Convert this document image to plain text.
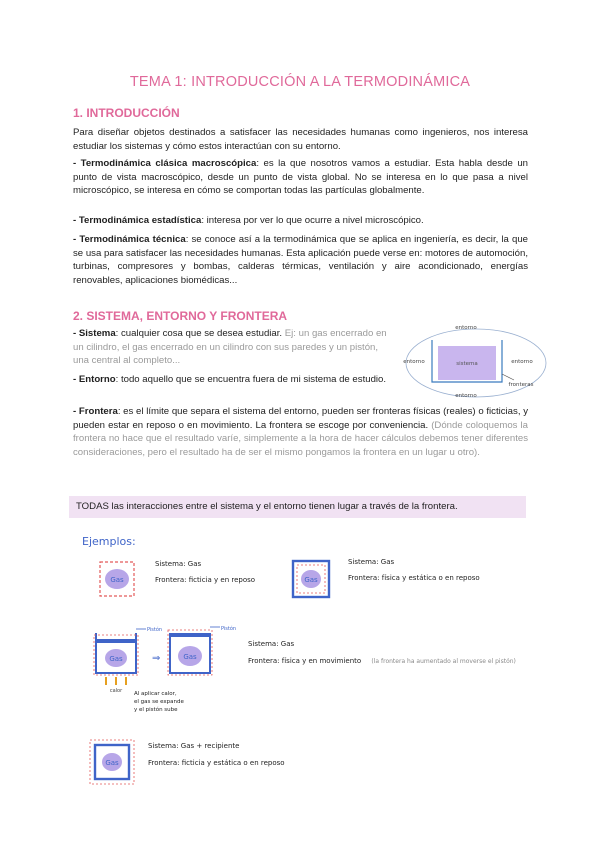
TEMA 1: INTRODUCCIÓN A LA TERMODINÁMICA
1. INTRODUCCIÓN
Para diseñar objetos destinados a satisfacer las necesidades humanas como ingenieros, nos interesa estudiar los sistemas y cómo estos interactúan con su entorno.
- Termodinámica clásica macroscópica: es la que nosotros vamos a estudiar. Esta habla desde un punto de vista macroscópico, desde un punto de vista global. No se interesa en lo que pasa a nivel microscópico, se interesa en cómo se comportan todas las partículas globalmente.
- Termodinámica estadística: interesa por ver lo que ocurre a nivel microscópico.
- Termodinámica técnica: se conoce así a la termodinámica que se aplica en ingeniería, es decir, la que se usa para satisfacer las necesidades humanas. Esta aplicación puede verse en: motores de automoción, turbinas, compresores y bombas, calderas térmicas, ventilación y aire acondicionado, energías renovables, aplicaciones biomédicas...
2. SISTEMA, ENTORNO Y FRONTERA
- Sistema: cualquier cosa que se desea estudiar. Ej: un gas encerrado en un cilindro, el gas encerrado en un cilindro con sus paredes y un pistón, una central al completo...
- Entorno: todo aquello que se encuentra fuera de mi sistema de estudio.
- Frontera: es el límite que separa el sistema del entorno, pueden ser fronteras físicas (reales) o ficticias, y pueden estar en reposo o en movimiento. La frontera se escoge por conveniencia. (Dónde coloquemos la frontera no hace que el resultado varíe, simplemente a la hora de hacer cálculos debemos tener diferentes consideraciones, pero el resultado ha de ser el mismo pongamos la frontera en un lugar u otro).
entorno
entorno	entorno
entorno
sistema
fronteras
TODAS las interacciones entre el sistema y el entorno tienen lugar a través de la frontera.
Ejemplos:
Gas
Sistema: Gas
Frontera: ficticia y en reposo	Gas
Sistema: Gas
Frontera: física y estática o en reposo
Gas
calor
Pistón
⇒	Gas
Pistón
Al aplicar calor,
el gas se expande
y el pistón sube
Sistema: Gas
Frontera: física y en movimiento (la frontera ha aumentado al moverse el pistón)
Gas
Sistema: Gas + recipiente
Frontera: ficticia y estática o en reposo
